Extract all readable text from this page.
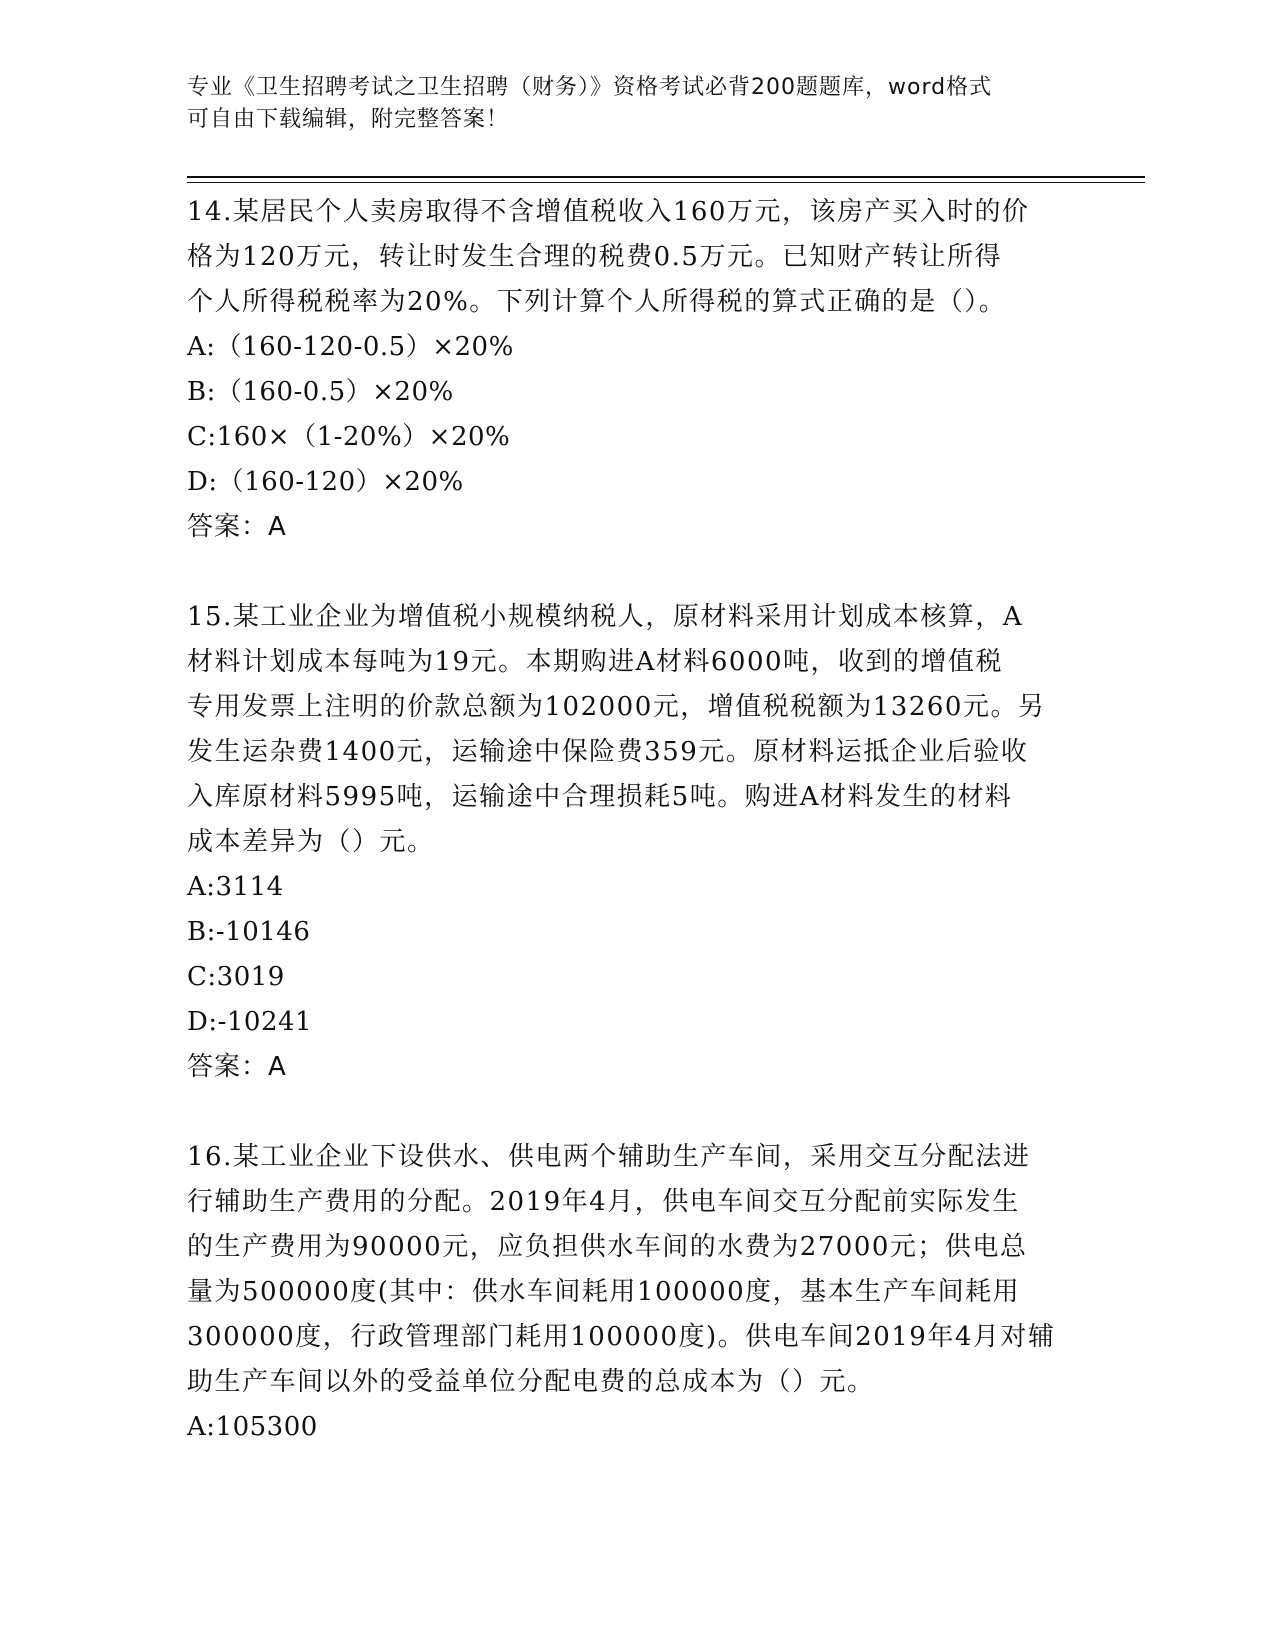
专业《卫生招聘考试之卫生招聘（财务）》资格考试必背200题题库，word格式
可自由下载编辑，附完整答案！

14.某居民个人卖房取得不含增值税收入160万元，该房产买入时的价
格为120万元，转让时发生合理的税费0.5万元。已知财产转让所得
个人所得税税率为20%。下列计算个人所得税的算式正确的是（）。

A:（160-120-0.5）×20%
B:（160-0.5）×20%
C:160×（1-20%）×20%
D:（160-120）×20%
答案：A

15.某工业企业为增值税小规模纳税人，原材料采用计划成本核算，A
材料计划成本每吨为19元。本期购进A材料6000吨，收到的增值税
专用发票上注明的价款总额为102000元，增值税税额为13260元。另
发生运杂费1400元，运输途中保险费359元。原材料运抵企业后验收
入库原材料5995吨，运输途中合理损耗5吨。购进A材料发生的材料
成本差异为（）元。

A:3114
B:-10146
C:3019
D:-10241
答案：A

16.某工业企业下设供水、供电两个辅助生产车间，采用交互分配法进
行辅助生产费用的分配。2019年4月，供电车间交互分配前实际发生
的生产费用为90000元，应负担供水车间的水费为27000元；供电总
量为500000度(其中：供水车间耗用100000度，基本生产车间耗用
300000度，行政管理部门耗用100000度)。供电车间2019年4月对辅
助生产车间以外的受益单位分配电费的总成本为（）元。

A:105300
